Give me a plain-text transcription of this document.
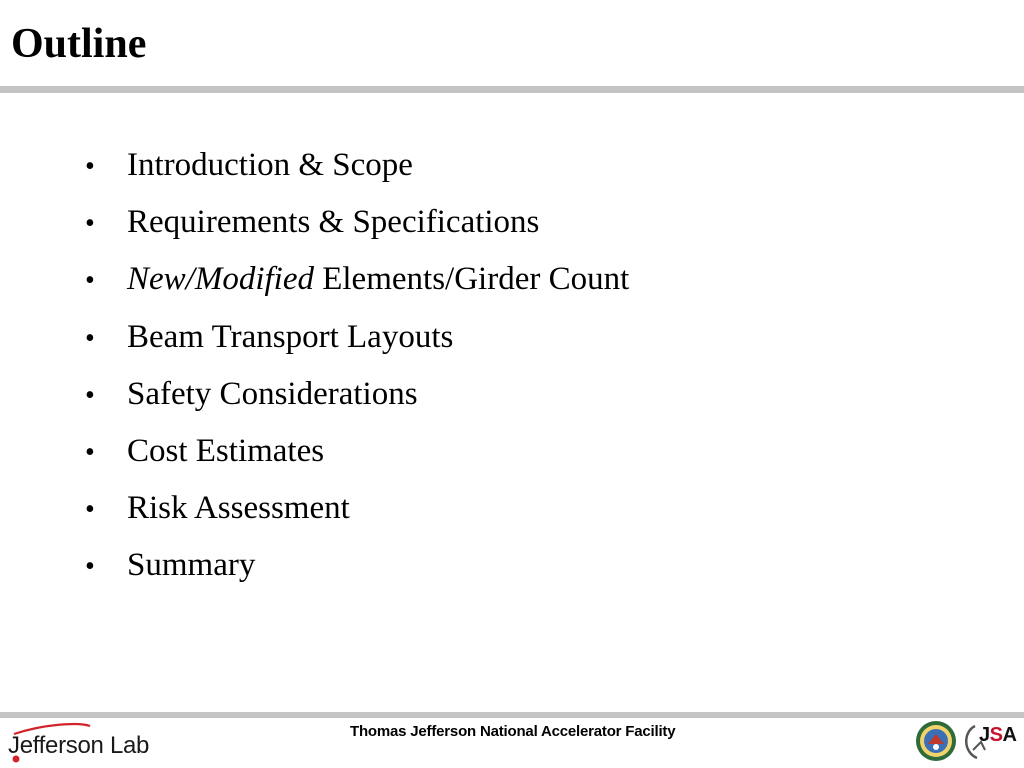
Outline
• Introduction & Scope
• Requirements & Specifications
• New/Modified Elements/Girder Count
• Beam Transport Layouts
• Safety Considerations
• Cost Estimates
• Risk Assessment
• Summary
Jefferson Lab
Thomas Jefferson National Accelerator Facility	JSA
